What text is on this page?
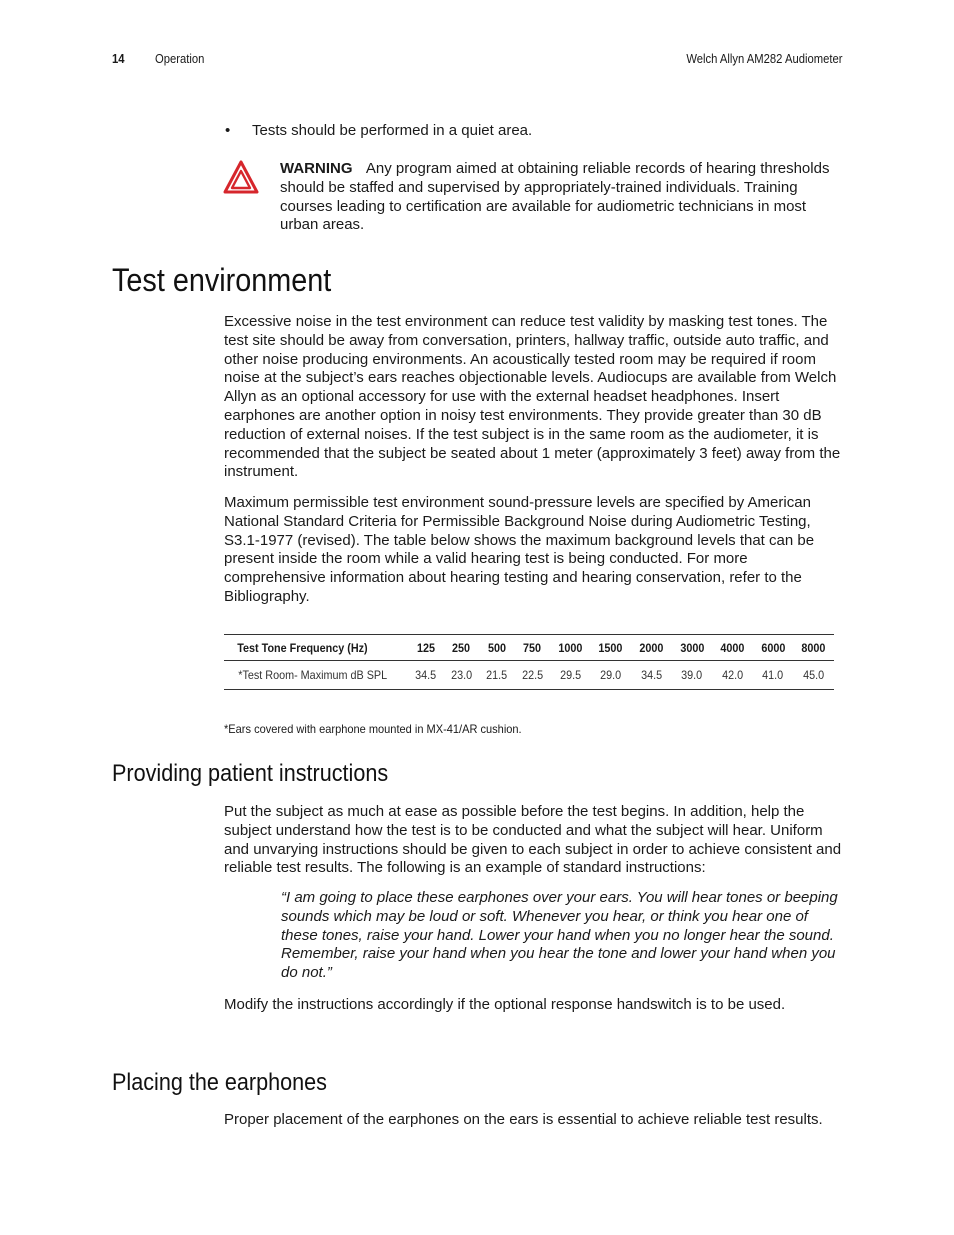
14 Operation	Welch Allyn AM282 Audiometer
• Tests should be performed in a quiet area.
WARNING Any program aimed at obtaining reliable records of hearing thresholds should be staffed and supervised by appropriately-trained individuals. Training courses leading to certification are available for audiometric technicians in most urban areas.
Test environment
Excessive noise in the test environment can reduce test validity by masking test tones. The test site should be away from conversation, printers, hallway traffic, outside auto traffic, and other noise producing environments. An acoustically tested room may be required if room noise at the subject’s ears reaches objectionable levels. Audiocups are available from Welch Allyn as an optional accessory for use with the external headset headphones. Insert earphones are another option in noisy test environments. They provide greater than 30 dB reduction of external noises. If the test subject is in the same room as the audiometer, it is recommended that the subject be seated about 1 meter (approximately 3 feet) away from the instrument.
Maximum permissible test environment sound-pressure levels are specified by American National Standard Criteria for Permissible Background Noise during Audiometric Testing, S3.1-1977 (revised). The table below shows the maximum background levels that can be present inside the room while a valid hearing test is being conducted. For more comprehensive information about hearing testing and hearing conservation, refer to the Bibliography.
Test Tone Frequency (Hz)	125	250	500	750	1000	1500	2000	3000	4000	6000	8000
*Test Room- Maximum dB SPL	34.5	23.0	21.5	22.5	29.5	29.0	34.5	39.0	42.0	41.0	45.0
*Ears covered with earphone mounted in MX-41/AR cushion.
Providing patient instructions
Put the subject as much at ease as possible before the test begins. In addition, help the subject understand how the test is to be conducted and what the subject will hear. Uniform and unvarying instructions should be given to each subject in order to achieve consistent and reliable test results. The following is an example of standard instructions:
“I am going to place these earphones over your ears. You will hear tones or beeping sounds which may be loud or soft. Whenever you hear, or think you hear one of these tones, raise your hand. Lower your hand when you no longer hear the sound. Remember, raise your hand when you hear the tone and lower your hand when you do not.”
Modify the instructions accordingly if the optional response handswitch is to be used.
Placing the earphones
Proper placement of the earphones on the ears is essential to achieve reliable test results.
